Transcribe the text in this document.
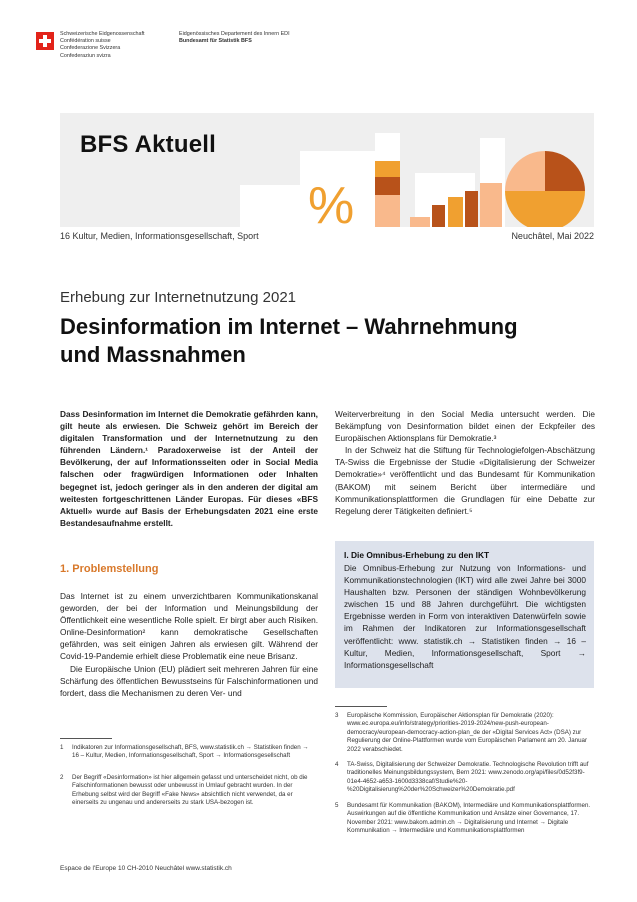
Schweizerische Eidgenossenschaft
Confédération suisse
Confederazione Svizzera
Confederaziun svizra
Eidgenössisches Departement des Innern EDI
Bundesamt für Statistik BFS
BFS Aktuell
%
16 Kultur, Medien, Informationsgesellschaft, Sport	Neuchâtel, Mai 2022
Erhebung zur Internetnutzung 2021
Desinformation im Internet – Wahrnehmung
und Massnahmen
Dass Desinformation im Internet die Demokratie gefährden kann, gilt heute als erwiesen. Die Schweiz gehört im Bereich der digitalen Transformation und der Internetnutzung zu den führenden Ländern.¹ Paradoxerweise ist der Anteil der Bevölkerung, der auf Informationsseiten oder in Social Media falschen oder fragwürdigen Informationen oder Inhalten begegnet ist, jedoch geringer als in den anderen der digital am weitesten fortgeschrittenen Länder Europas. Für dieses «BFS Aktuell» wurde auf Basis der Erhebungsdaten 2021 eine erste Bestandesaufnahme erstellt.
1. Problemstellung

Das Internet ist zu einem unverzichtbaren Kommunikationskanal geworden, der bei der Information und Meinungsbildung der Öffentlichkeit eine wesentliche Rolle spielt. Er birgt aber auch Risiken. Online-Desinformation² kann demokratische Gesellschaften gefährden, was seit einigen Jahren als erwiesen gilt. Während der Covid-19-Pandemie erhielt diese Problematik eine neue Brisanz.

Die Europäische Union (EU) plädiert seit mehreren Jahren für eine Schärfung des öffentlichen Bewusstseins für Falschinformationen und fordert, dass die Mechanismen zu deren Ver- und

Weiterverbreitung in den Social Media untersucht werden. Die Bekämpfung von Desinformation bildet einen der Eckpfeiler des Europäischen Aktionsplans für Demokratie.³

In der Schweiz hat die Stiftung für Technologiefolgen-Abschätzung TA-Swiss die Ergebnisse der Studie «Digitalisierung der Schweizer Demokratie»⁴ veröffentlicht und das Bundesamt für Kommunikation (BAKOM) mit seinem Bericht über intermediäre und Kommunikationsplattformen die Grundlagen für eine Debatte zur Regelung derer Tätigkeiten definiert.⁵

I. Die Omnibus-Erhebung zu den IKT
Die Omnibus-Erhebung zur Nutzung von Informations- und Kommunikationstechnologien (IKT) wird alle zwei Jahre bei 3000 Haushalten bzw. Personen der ständigen Wohnbevölkerung zwischen 15 und 88 Jahren durchgeführt. Die wichtigsten Ergebnisse werden in Form von interaktiven Datenwürfeln sowie im Rahmen der Indikatoren zur Informationsgesellschaft veröffentlicht: www. statistik.ch → Statistiken finden → 16 – Kultur, Medien, Informationsgesellschaft, Sport → Informationsgesellschaft
1 Indikatoren zur Informationsgesellschaft, BFS, www.statistik.ch → Statistiken finden → 16 – Kultur, Medien, Informationsgesellschaft, Sport → Informationsgesellschaft
2 Der Begriff «Desinformation» ist hier allgemein gefasst und unterscheidet nicht, ob die Falschinformationen bewusst oder unbewusst in Umlauf gebracht wurden. In der Erhebung selbst wird der Begriff «Fake News» absichtlich nicht verwendet, da er einerseits zu ungenau und andererseits zu stark USA-bezogen ist.
3 Europäische Kommission, Europäischer Aktionsplan für Demokratie (2020): www.ec.europa.eu/info/strategy/priorities-2019-2024/new-push-european-democracy/european-democracy-action-plan_de der «Digital Services Act» (DSA) zur Regulierung der Online-Plattformen wurde vom Europäischen Parlament am 20. Januar 2022 verabschiedet.
4 TA-Swiss, Digitalisierung der Schweizer Demokratie. Technologische Revolution trifft auf traditionelles Meinungsbildungssystem, Bern 2021: www.zenodo.org/api/files/0d52f3f9-01e4-4652-a653-1600d3338caf/Studie%20-%20Digitalisierung%20der%20Schweizer%20Demokratie.pdf
5 Bundesamt für Kommunikation (BAKOM), Intermediäre und Kommunikationsplattformen. Auswirkungen auf die öffentliche Kommunikation und Ansätze einer Governance, 17. November 2021: www.bakom.admin.ch → Digitalisierung und Internet → Digitale Kommunikation → Intermediäre und Kommunikationsplattformen
Espace de l'Europe 10 CH-2010 Neuchâtel www.statistik.ch
